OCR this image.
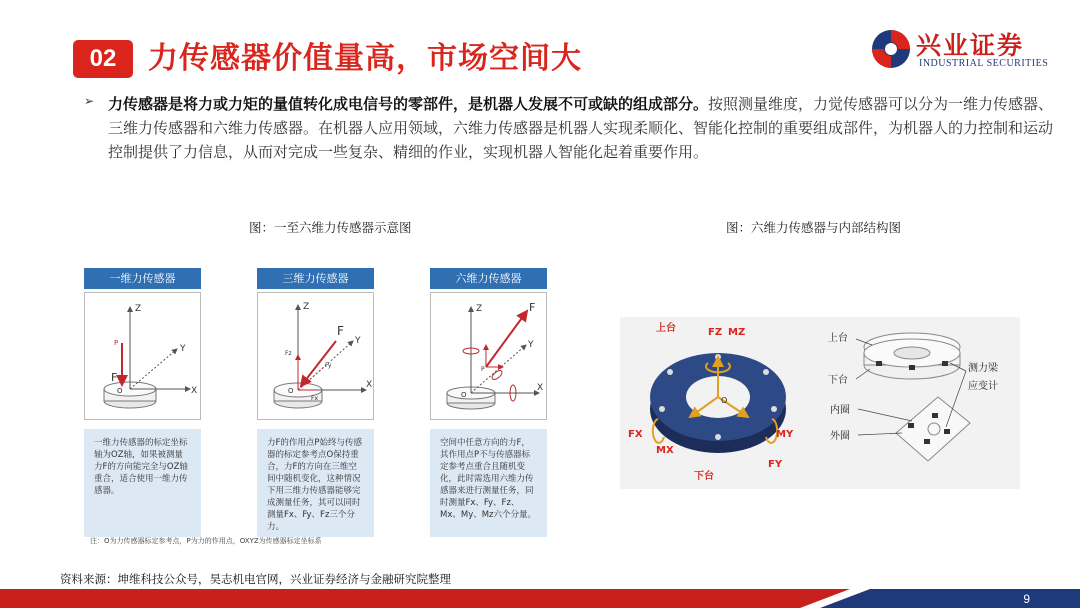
02	力传感器价值量高，市场空间大	兴业证券
INDUSTRIAL SECURITIES
➢ 力传感器是将力或力矩的量值转化成电信号的零部件，是机器人发展不可或缺的组成部分。按照测量维度，力觉传感器可以分为一维力传感器、三维力传感器和六维力传感器。在机器人应用领域，六维力传感器是机器人实现柔顺化、智能化控制的重要组成部件，为机器人的力控制和运动控制提供了力信息，从而对完成一些复杂、精细的作业，实现机器人智能化起着重要作用。
图：一至六维力传感器示意图	图：六维力传感器与内部结构图
一维力传感器
Z
Y
X
F
O
P
一维力传感器的标定坐标轴为OZ轴，如果被测量力F的方向能完全与OZ轴重合，适合使用一维力传感器。
三维力传感器
Z
Y
X
F
Fz
Fy
Fx
O
力F的作用点P始终与传感器的标定参考点O保持重合，力F的方向在三维空间中随机变化，这种情况下用三维力传感器能够完成测量任务，其可以同时测量Fx、Fy、Fz三个分力。
六维力传感器
Z
Y
X
F
P
O
空间中任意方向的力F，其作用点P不与传感器标定参考点重合且随机变化，此时需选用六维力传感器来进行测量任务，同时测量Fx、Fy、Fz、Mx、My、Mz六个分量。
注：O为力传感器标定参考点，P为力的作用点，OXYZ为传感器标定坐标系
上台	FZ MZ
O
FX
MX
MY
FY
下台
上台
下台
测力梁
应变计
内圈
外圈
资料来源：坤维科技公众号，昊志机电官网，兴业证券经济与金融研究院整理
9
